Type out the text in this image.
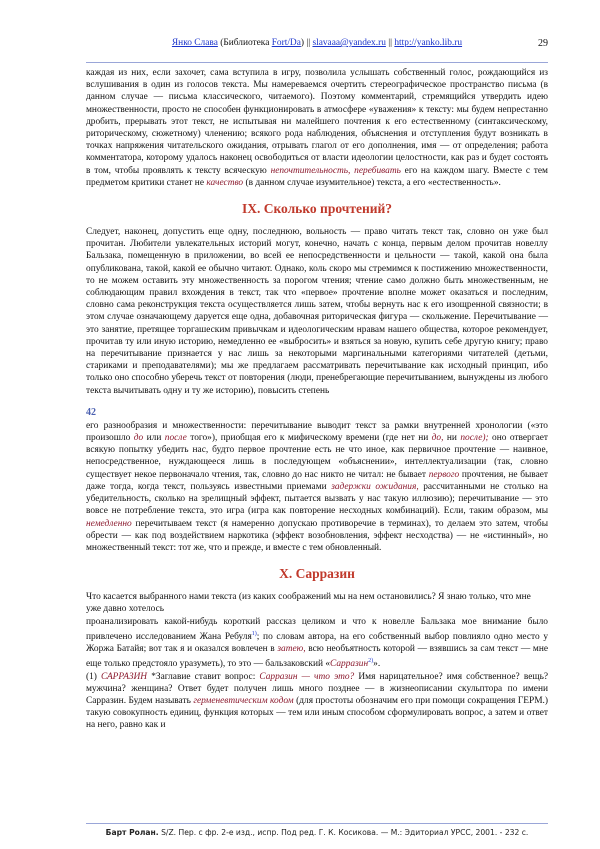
Янко Слава (Библиотека Fort/Da) || slavaaa@yandex.ru || http://yanko.lib.ru	29

каждая из них, если захочет, сама вступила в игру, позволила услышать собственный голос, рождающийся из вслушивания в один из голосов текста. Мы намереваемся очертить стереографическое пространство письма (в данном случае — письма классического, читаемого). Поэтому комментарий, стремящийся утвердить идею множественности, просто не способен функционировать в атмосфере «уважения» к тексту: мы будем непрестанно дробить, прерывать этот текст, не испытывая ни малейшего почтения к его естественному (синтаксическому, риторическому, сюжетному) членению; всякого рода наблюдения, объяснения и отступления будут возникать в точках напряжения читательского ожидания, отрывать глагол от его дополнения, имя — от определения; работа комментатора, которому удалось наконец освободиться от власти идеологии целостности, как раз и будет состоять в том, чтобы проявлять к тексту всяческую непочтительность, перебивать его на каждом шагу. Вместе с тем предметом критики станет не качество (в данном случае изумительное) текста, а его «естественность».

IX. Сколько прочтений?

Следует, наконец, допустить еще одну, последнюю, вольность — право читать текст так, словно он уже был прочитан. Любители увлекательных историй могут, конечно, начать с конца, первым делом прочитав новеллу Бальзака, помещенную в приложении, во всей ее непосредственности и цельности — такой, какой она была опубликована, такой, какой ее обычно читают. Однако, коль скоро мы стремимся к постижению множественности, то не можем оставить эту множественность за порогом чтения; чтение само должно быть множественным, не соблюдающим правил вхождения в текст, так что «первое» прочтение вполне может оказаться и последним, словно сама реконструкция текста осуществляется лишь затем, чтобы вернуть нас к его изощренной связности; в этом случае означающему даруется еще одна, добавочная риторическая фигура — скольжение. Перечитывание — это занятие, претящее торгашеским привычкам и идеологическим нравам нашего общества, которое рекомендует, прочитав ту или иную историю, немедленно ее «выбросить» и взяться за новую, купить себе другую книгу; право на перечитывание признается у нас лишь за некоторыми маргинальными категориями читателей (детьми, стариками и преподавателями); мы же предлагаем рассматривать перечитывание как исходный принцип, ибо только оно способно уберечь текст от повторения (люди, пренебрегающие перечитыванием, вынуждены из любого текста вычитывать одну и ту же историю), повысить степень

42

его разнообразия и множественности: перечитывание выводит текст за рамки внутренней хронологии («это произошло до или после того»), приобщая его к мифическому времени (где нет ни до, ни после); оно отвергает всякую попытку убедить нас, будто первое прочтение есть не что иное, как первичное прочтение — наивное, непосредственное, нуждающееся лишь в последующем «объяснении», интеллектуализации (так, словно существует некое первоначало чтения, так, словно до нас никто не читал: не бывает первого прочтения, не бывает даже тогда, когда текст, пользуясь известными приемами задержки ожидания, рассчитанными не столько на убедительность, сколько на зрелищный эффект, пытается вызвать у нас такую иллюзию); перечитывание — это вовсе не потребление текста, это игра (игра как повторение несходных комбинаций). Если, таким образом, мы немедленно перечитываем текст (я намеренно допускаю противоречие в терминах), то делаем это затем, чтобы обрести — как под воздействием наркотика (эффект возобновления, эффект несходства) — не «истинный», но множественный текст: тот же, что и прежде, и вместе с тем обновленный.

X. Сарразин

Что касается выбранного нами текста (из каких соображений мы на нем остановились? Я знаю только, что мне уже давно хотелось

проанализировать какой-нибудь короткий рассказ целиком и что к новелле Бальзака мое внимание было привлечено исследованием Жана Ребуля$^{1)}$; по словам автора, на его собственный выбор повлияло одно место у Жоржа Батайя; вот так я и оказался вовлечен в затею, всю необъятность которой — взявшись за сам текст — мне еще только предстояло уразуметь), то это — бальзаковский «Сарразин$^{2)}$».

(1) САРРАЗИН *Заглавие ставит вопрос: Сарразин — что это? Имя нарицательное? имя собственное? вещь? мужчина? женщина? Ответ будет получен лишь много позднее — в жизнеописании скульптора по имени Сарразин. Будем называть герменевтическим кодом (для простоты обозначим его при помощи сокращения ГЕРМ.) такую совокупность единиц, функция которых — тем или иным способом сформулировать вопрос, а затем и ответ на него, равно как и

Барт Ролан. S/Z. Пер. с фр. 2-е изд., испр. Под ред. Г. К. Косикова. — М.: Эдиториал УРСС, 2001. - 232 с.
